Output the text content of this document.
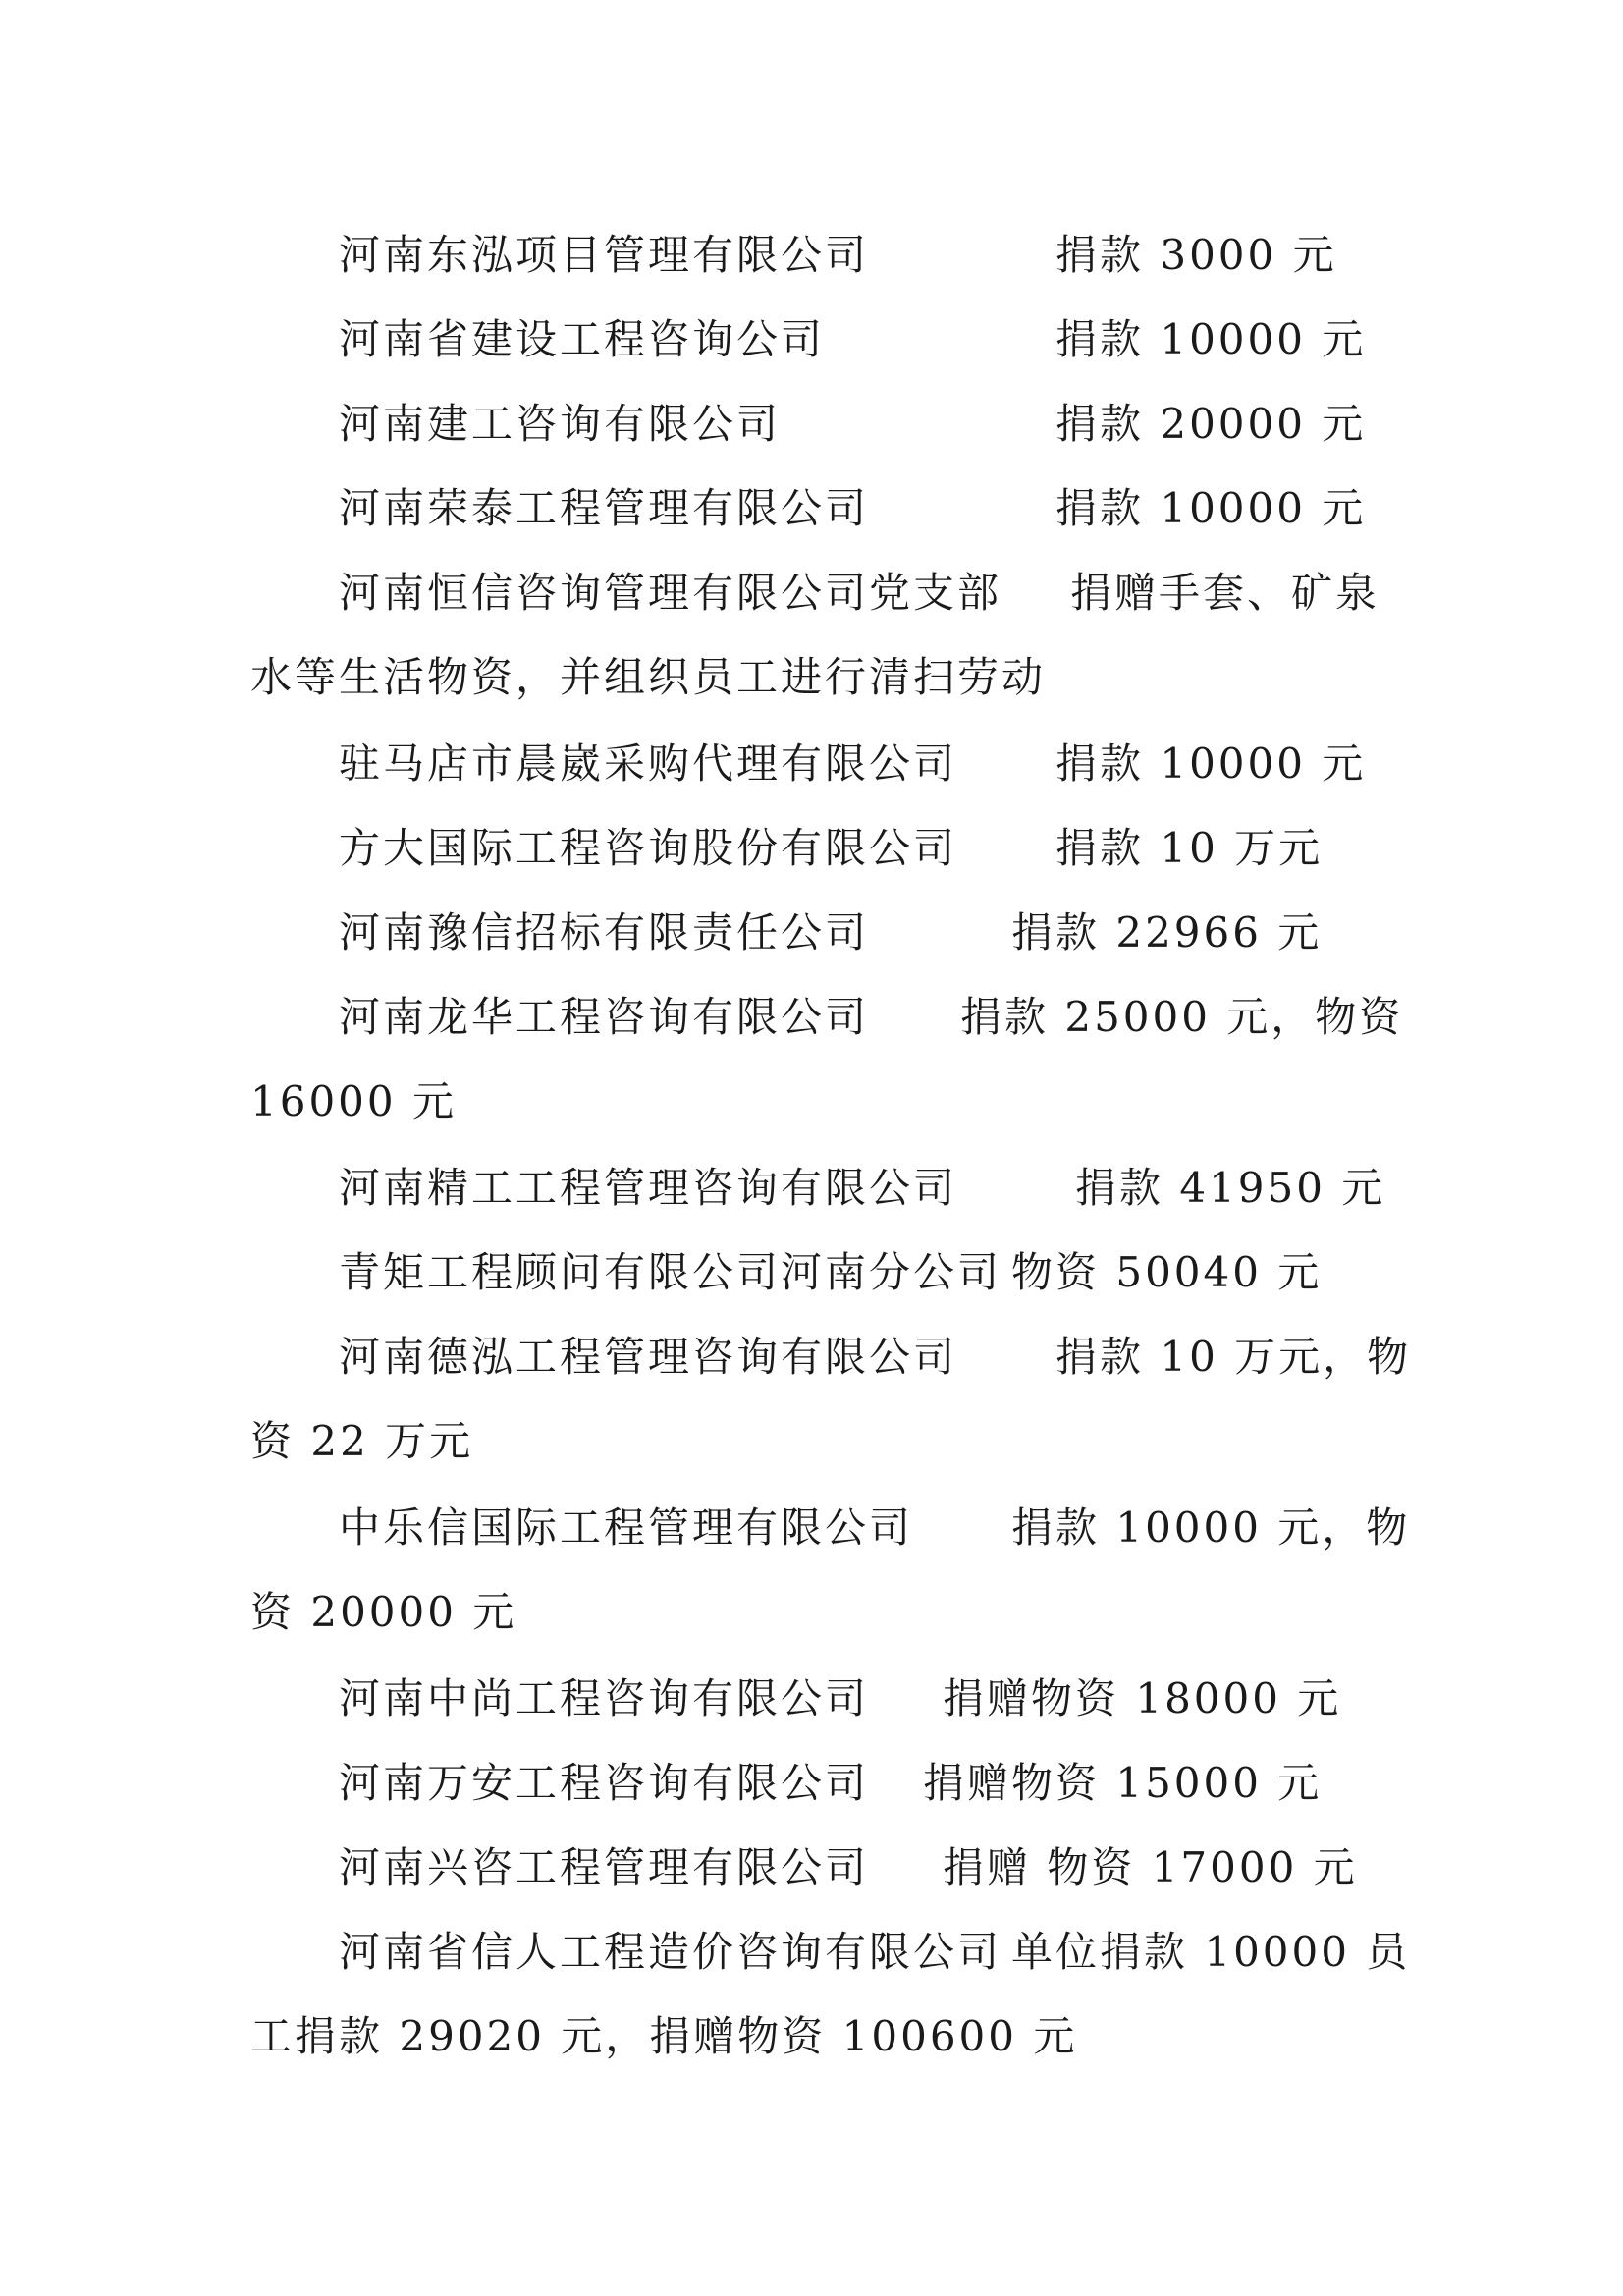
河南东泓项目管理有限公司	捐款 3000 元
河南省建设工程咨询公司	捐款 10000 元
河南建工咨询有限公司	捐款 20000 元
河南荣泰工程管理有限公司	捐款 10000 元
河南恒信咨询管理有限公司党支部 捐赠手套、矿泉
水等生活物资，并组织员工进行清扫劳动
驻马店市晨崴采购代理有限公司 捐款 10000 元
方大国际工程咨询股份有限公司 捐款 10 万元
河南豫信招标有限责任公司	捐款 22966 元
河南龙华工程咨询有限公司 捐款 25000 元，物资
16000 元
河南精工工程管理咨询有限公司	捐款 41950 元
青矩工程顾问有限公司河南分公司 物资 50040 元
河南德泓工程管理咨询有限公司 捐款 10 万元，物
资 22 万元
中乐信国际工程管理有限公司 捐款 10000 元，物
资 20000 元
河南中尚工程咨询有限公司 捐赠物资 18000 元
河南万安工程咨询有限公司 捐赠物资 15000 元
河南兴咨工程管理有限公司 捐赠 物资 17000 元
河南省信人工程造价咨询有限公司 单位捐款 10000 员
工捐款 29020 元，捐赠物资 100600 元
